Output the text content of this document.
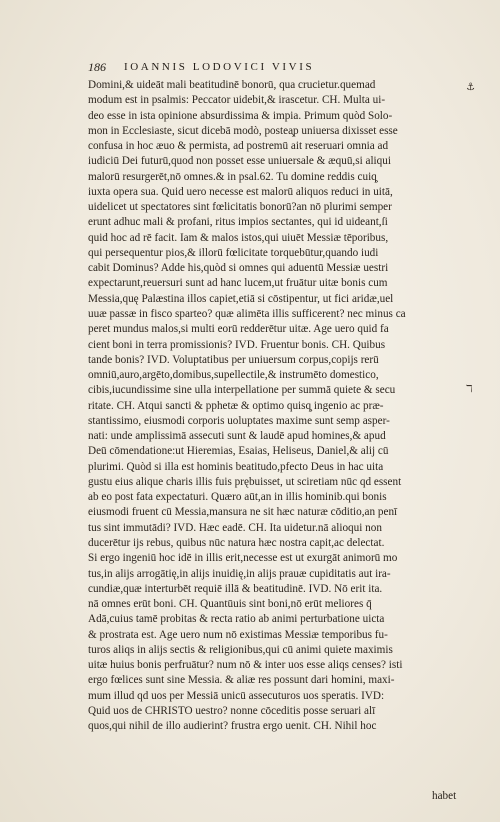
186 IOANNIS LODOVICI VIVIS
Domini,& uideāt mali beatitudinē bonorū, qua crucietur.quemad
modum est in psalmis: Peccator uidebit,& irascetur. CH. Multa ui-
deo esse in ista opinione absurdissima & impia. Primum quòd Solo-
mon in Ecclesiaste, sicut dicebā modò, postea̧p uniuersa dixisset esse
confusa in hoc æuo & permista, ad postremū ait reseruari omnia ad
iudiciū Dei futurū,quod non posset esse uniuersale & æquū,si aliqui
malorū resurgerēt,nō omnes.& in psal.62. Tu domine reddis cuiq̧
iuxta opera sua. Quid uero necesse est malorū aliquos reduci in uitā,
uidelicet ut spectatores sint fœlicitatis bonorū?an nō plurimi semper
erunt adhuc mali & profani, ritus impios sectantes, qui id uideant,ſi
quid hoc ad rē facit. Iam & malos istos,qui uiuēt Messiæ tēporibus,
qui persequentur pios,& illorū fœlicitate torquebūtur,quando iudi
cabit Dominus? Adde his,quòd si omnes qui aduentū Messiæ uestri
expectarunt,reuersuri sunt ad hanc lucem,ut fruātur uitæ bonis cum
Messia,quę Palæstina illos capiet,etiā si cōstipentur, ut fici aridæ,uel
uuæ passæ in fisco sparteo? quæ alimēta illis sufficerent? nec minus ca
peret mundus malos,si multi eorū redderētur uitæ. Age uero quid fa
cient boni in terra promissionis? IVD. Fruentur bonis. CH. Quibus
tande bonis? IVD. Voluptatibus per uniuersum corpus,copijs rerū
omniū,auro,argēto,domibus,supellectile,& instrumēto domestico,
cibis,iucundissime sine ulla interpellatione per summā quiete & secu
ritate. CH. Atqui sancti & pphetæ & optimo quisq̧ ingenio ac præ-
stantissimo, eiusmodi corporis uoluptates maxime sunt semp asper-
nati: unde amplissimā assecuti sunt & laudē apud homines,& apud
Deū cōmendatione:ut Hieremias, Esaias, Heliseus, Daniel,& alij cū
plurimi. Quòd si illa est hominis beatitudo,pfecto Deus in hac uita
gustu eius alique charis illis fuis prębuisset, ut sciretiam nūc qd essent
ab eo post fata expectaturi. Quæro aūt,an in illis hominib.qui bonis
eiusmodi fruent cū Messia,mansura ne sit hæc naturæ cōditio,an penī
tus sint immutādi? IVD. Hæc eadē. CH. Ita uidetur.nā alioqui non
ducerētur ijs rebus, quibus nūc natura hæc nostra capit,ac delectat.
Si ergo ingeniū hoc idē in illis erit,necesse est ut exurgāt animorū mo
tus,in alijs arrogātię,in alijs inuidię,in alijs prauæ cupiditatis aut ira-
cundiæ,quæ interturbēt requiē illā & beatitudinē. IVD. Nō erit ita.
nā omnes erūt boni. CH. Quantūuis sint boni,nō erūt meliores q̄
Adā,cuius tamē probitas & recta ratio ab animi perturbatione uicta
& prostrata est. Age uero num nō existimas Messiæ temporibus fu-
turos aliqs in alijs sectis & religionibus,qui cū animi quiete maximis
uitæ huius bonis perfruātur? num nō & inter uos esse aliqs censes? isti
ergo fœlices sunt sine Messia. & aliæ res possunt dari homini, maxi-
mum illud qd uos per Messiā unicū assecuturos uos speratis. IVD:
Quid uos de CHRISTO uestro? nonne cōceditis posse seruari alī
quos,qui nihil de illo audierint? frustra ergo uenit. CH. Nihil hoc
⚓
ℸ
habet
